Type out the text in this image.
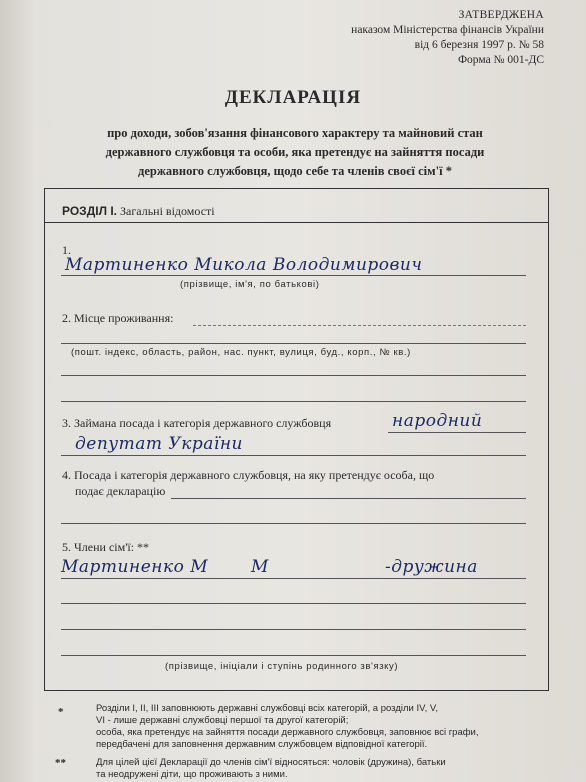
ЗАТВЕРДЖЕНА
наказом Міністерства фінансів України
від 6 березня 1997 р. № 58
Форма № 001-ДС
ДЕКЛАРАЦІЯ
про доходи, зобов'язання фінансового характеру та майновий стан
державного службовця та особи, яка претендує на зайняття посади
державного службовця, щодо себе та членів своєї сім'ї *
РОЗДІЛ І. Загальні відомості
1.
Мартиненко Микола Володимирович
(прізвище, ім'я, по батькові)
2. Місце проживання:
(пошт. індекс, область, район, нас. пункт, вулиця, буд., корп., № кв.)
3. Займана посада і категорія державного службовця	народний
депутат України
4. Посада і категорія державного службовця, на яку претендує особа, що
подає декларацію
5. Члени сім'ї: **
Мартиненко М	М	-дружина
(прізвище, ініціали і ступінь родинного зв'язку)
*	Розділи І, ІІ, ІІІ заповнюють державні службовці всіх категорій, а розділи IV, V,
VI - лише державні службовці першої та другої категорій;
особа, яка претендує на зайняття посади державного службовця, заповнює всі графи,
передбачені для заповнення державним службовцем відповідної категорії.
**	Для цілей цієї Декларації до членів сім'ї відносяться: чоловік (дружина), батьки
та неодружені діти, що проживають з ними.
